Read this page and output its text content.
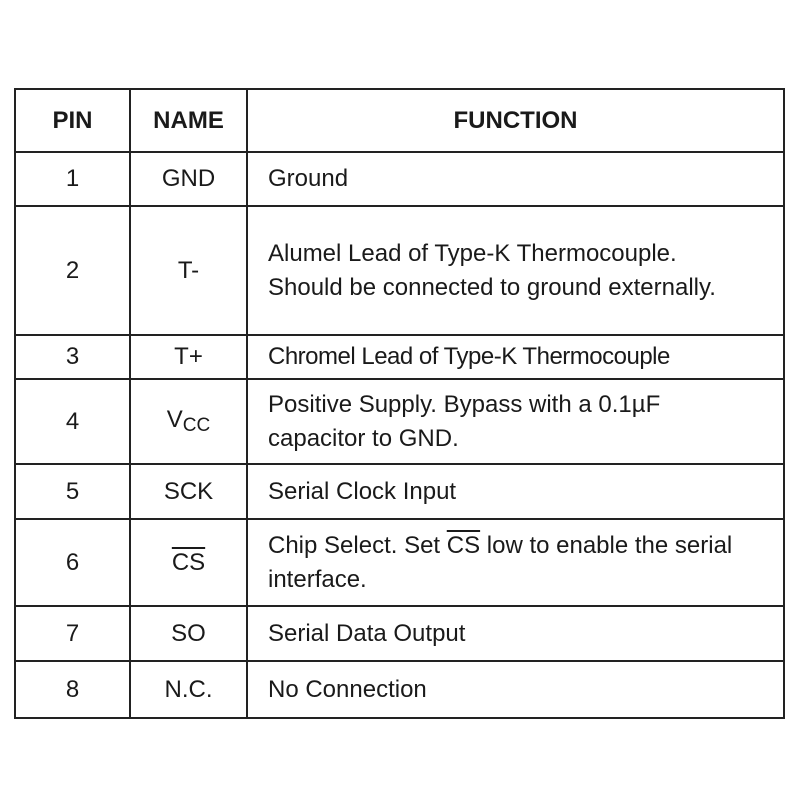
PIN	NAME	FUNCTION
1	GND	Ground
2	T-	Alumel Lead of Type-K Thermocouple. Should be connected to ground externally.
3	T+	Chromel Lead of Type-K Thermocouple
4	$V_{CC}$	Positive Supply. Bypass with a 0.1µF capacitor to GND.
5	SCK	Serial Clock Input
6	$\overline{CS}$	Chip Select. Set $\overline{CS}$ low to enable the serial interface.
7	SO	Serial Data Output
8	N.C.	No Connection
